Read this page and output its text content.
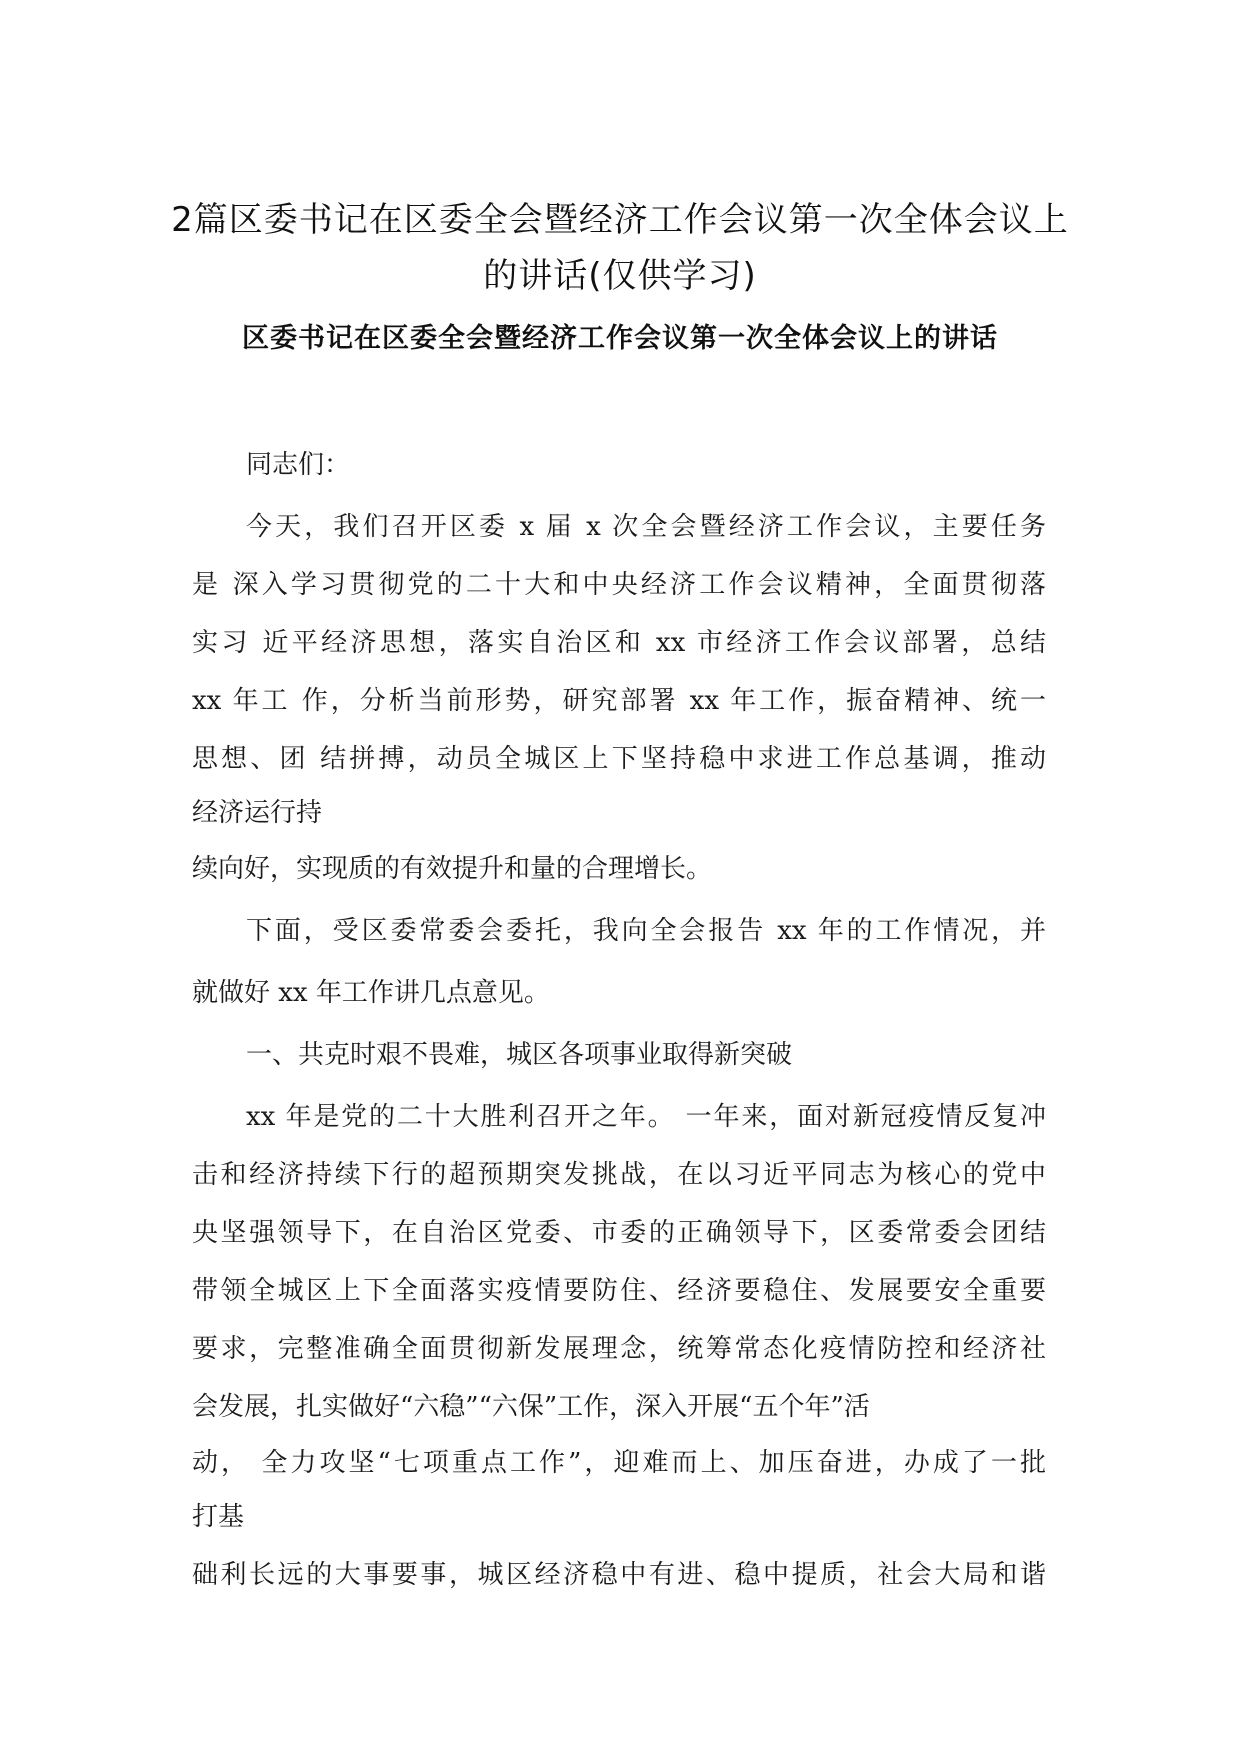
2篇区委书记在区委全会暨经济工作会议第一次全体会议上
的讲话(仅供学习)
区委书记在区委全会暨经济工作会议第一次全体会议上的讲话
同志们：
今天，我们召开区委 x 届 x 次全会暨经济工作会议，主要任务
是 深入学习贯彻党的二十大和中央经济工作会议精神，全面贯彻落
实习 近平经济思想，落实自治区和 xx 市经济工作会议部署，总结
xx 年工 作，分析当前形势，研究部署 xx 年工作，振奋精神、统一
思想、团 结拼搏，动员全城区上下坚持稳中求进工作总基调，推动
经济运行持
续向好，实现质的有效提升和量的合理增长。
下面，受区委常委会委托，我向全会报告 xx 年的工作情况，并
就做好 xx 年工作讲几点意见。
一、共克时艰不畏难，城区各项事业取得新突破
xx 年是党的二十大胜利召开之年。 一年来，面对新冠疫情反复冲
击和经济持续下行的超预期突发挑战，在以习近平同志为核心的党中
央坚强领导下，在自治区党委、市委的正确领导下，区委常委会团结
带领全城区上下全面落实疫情要防住、经济要稳住、发展要安全重要
要求，完整准确全面贯彻新发展理念，统筹常态化疫情防控和经济社
会发展，扎实做好“六稳”“六保”工作，深入开展“五个年”活
动， 全力攻坚“七项重点工作”，迎难而上、加压奋进，办成了一批
打基
础利长远的大事要事，城区经济稳中有进、稳中提质，社会大局和谐
